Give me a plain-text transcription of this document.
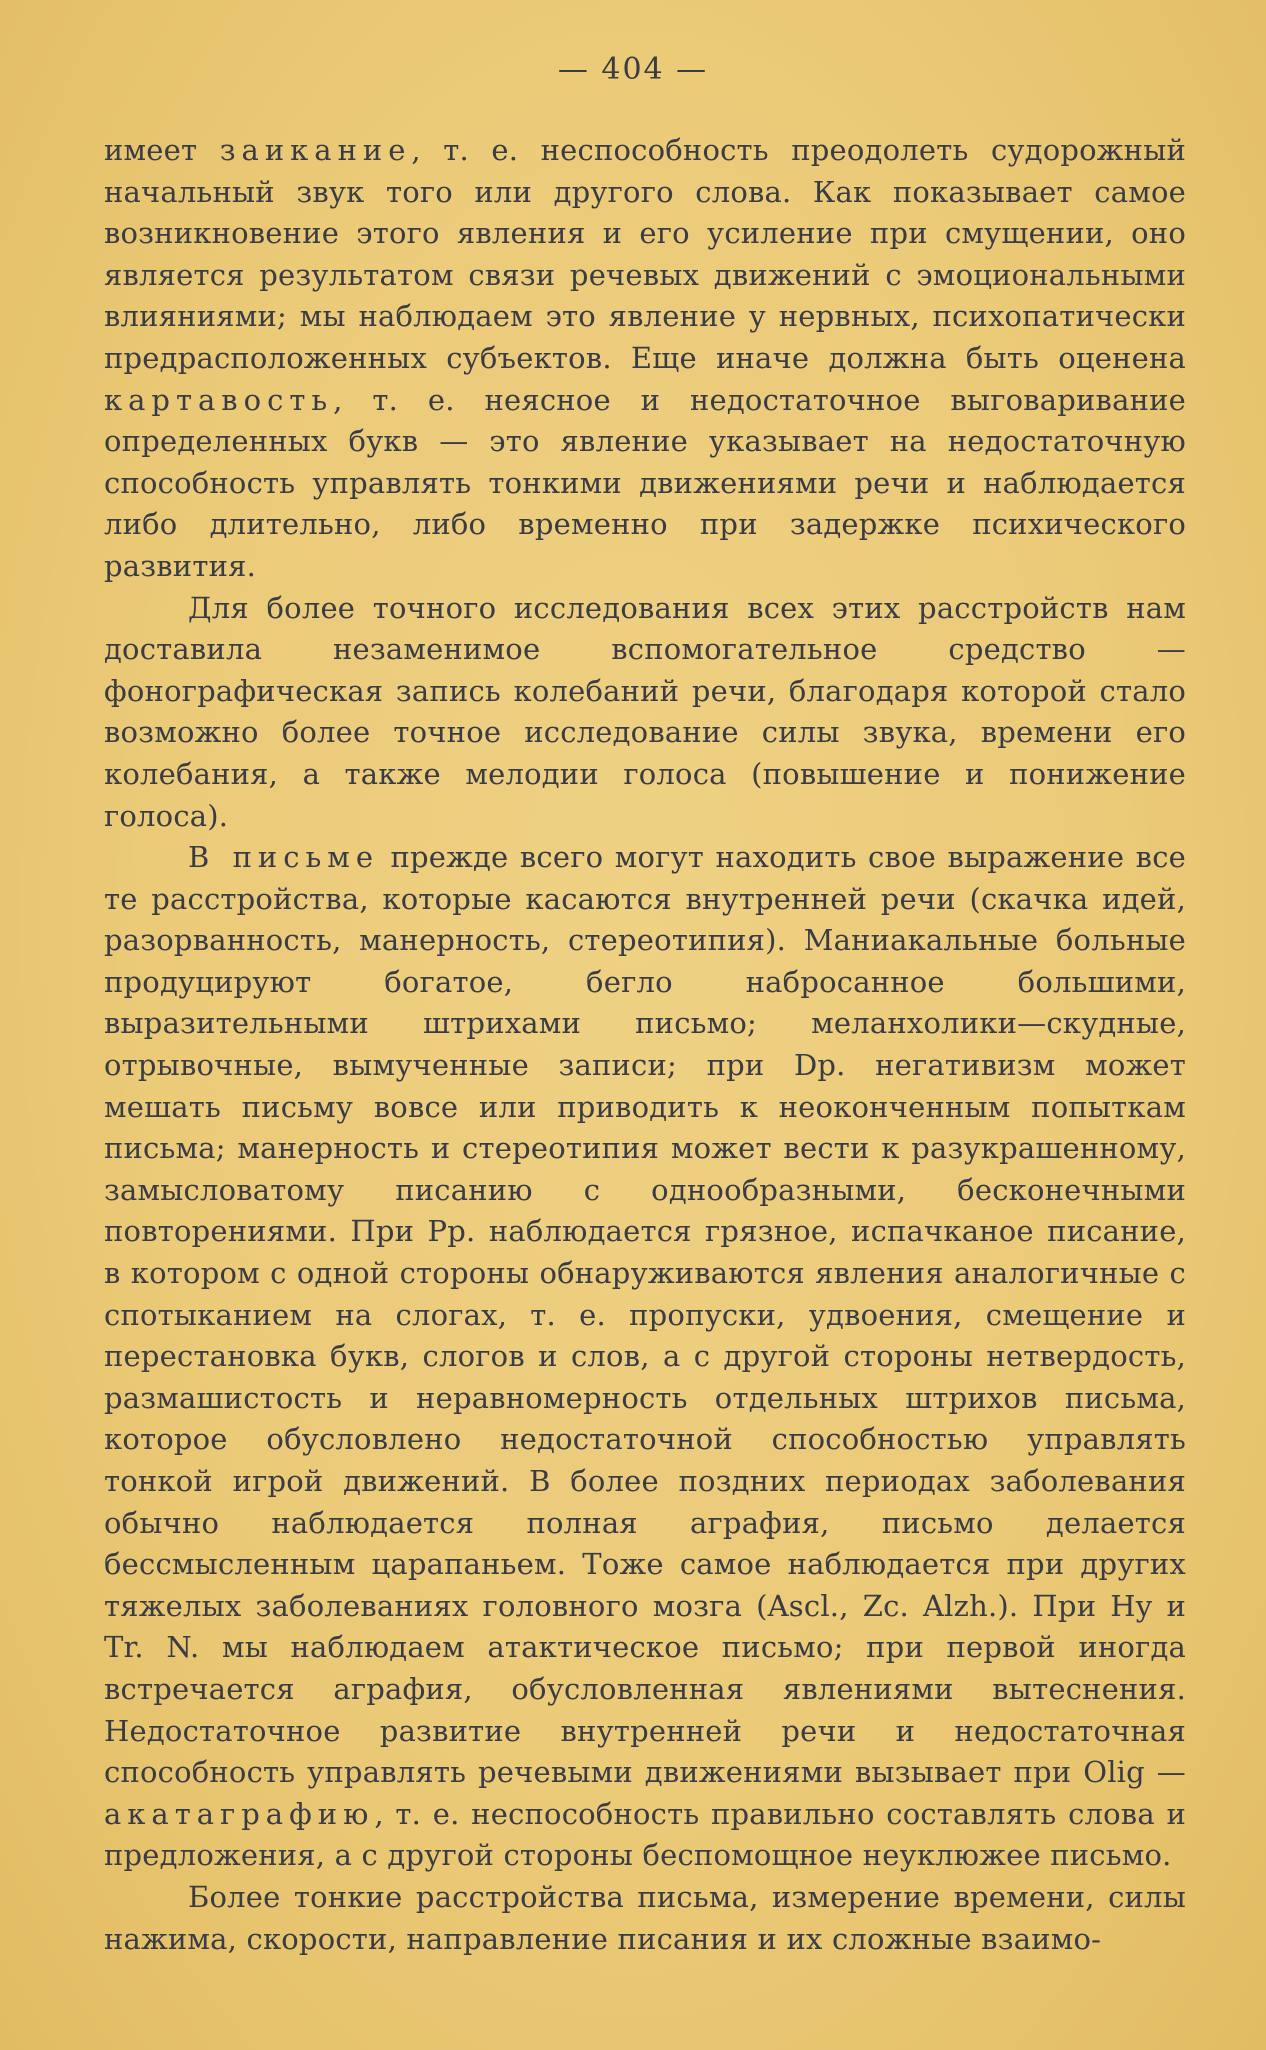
— 404 —

имеет заикание, т. е. неспособность преодолеть судорожный начальный звук того или другого слова. Как показывает самое возникновение этого явления и его усиление при смущении, оно является результатом связи речевых движений с эмоциональными влияниями; мы наблюдаем это явление у нервных, психопатически предрасположенных субъектов. Еще иначе должна быть оценена картавость, т. е. неясное и недостаточное выговаривание определенных букв — это явление указывает на недостаточную способность управлять тонкими движениями речи и наблюдается либо длительно, либо временно при задержке психического развития.

Для более точного исследования всех этих расстройств нам доставила незаменимое вспомогательное средство — фонографическая запись колебаний речи, благодаря которой стало возможно более точное исследование силы звука, времени его колебания, а также мелодии голоса (повышение и понижение голоса).

В письме прежде всего могут находить свое выражение все те расстройства, которые касаются внутренней речи (скачка идей, разорванность, манерность, стереотипия). Маниакальные больные продуцируют богатое, бегло набросанное большими, выразительными штрихами письмо; меланхолики—скудные, отрывочные, вымученные записи; при Dp. негативизм может мешать письму вовсе или приводить к неоконченным попыткам письма; манерность и стереотипия может вести к разукрашенному, замысловатому писанию с однообразными, бесконечными повторениями. При Pp. наблюдается грязное, испачканое писание, в котором с одной стороны обнаруживаются явления аналогичные с спотыканием на слогах, т. е. пропуски, удвоения, смещение и перестановка букв, слогов и слов, а с другой стороны нетвердость, размашистость и неравномерность отдельных штрихов письма, которое обусловлено недостаточной способностью управлять тонкой игрой движений. В более поздних периодах заболевания обычно наблюдается полная аграфия, письмо делается бессмысленным царапаньем. Тоже самое наблюдается при других тяжелых заболеваниях головного мозга (Ascl., Zc. Alzh.). При Hy и Tr. N. мы наблюдаем атактическое письмо; при первой иногда встречается аграфия, обусловленная явлениями вытеснения. Недостаточное развитие внутренней речи и недостаточная способность управлять речевыми движениями вызывает при Olig — акатаграфию, т. е. неспособность правильно составлять слова и предложения, а с другой стороны беспомощное неуклюжее письмо.

Более тонкие расстройства письма, измерение времени, силы нажима, скорости, направление писания и их сложные взаимо-
